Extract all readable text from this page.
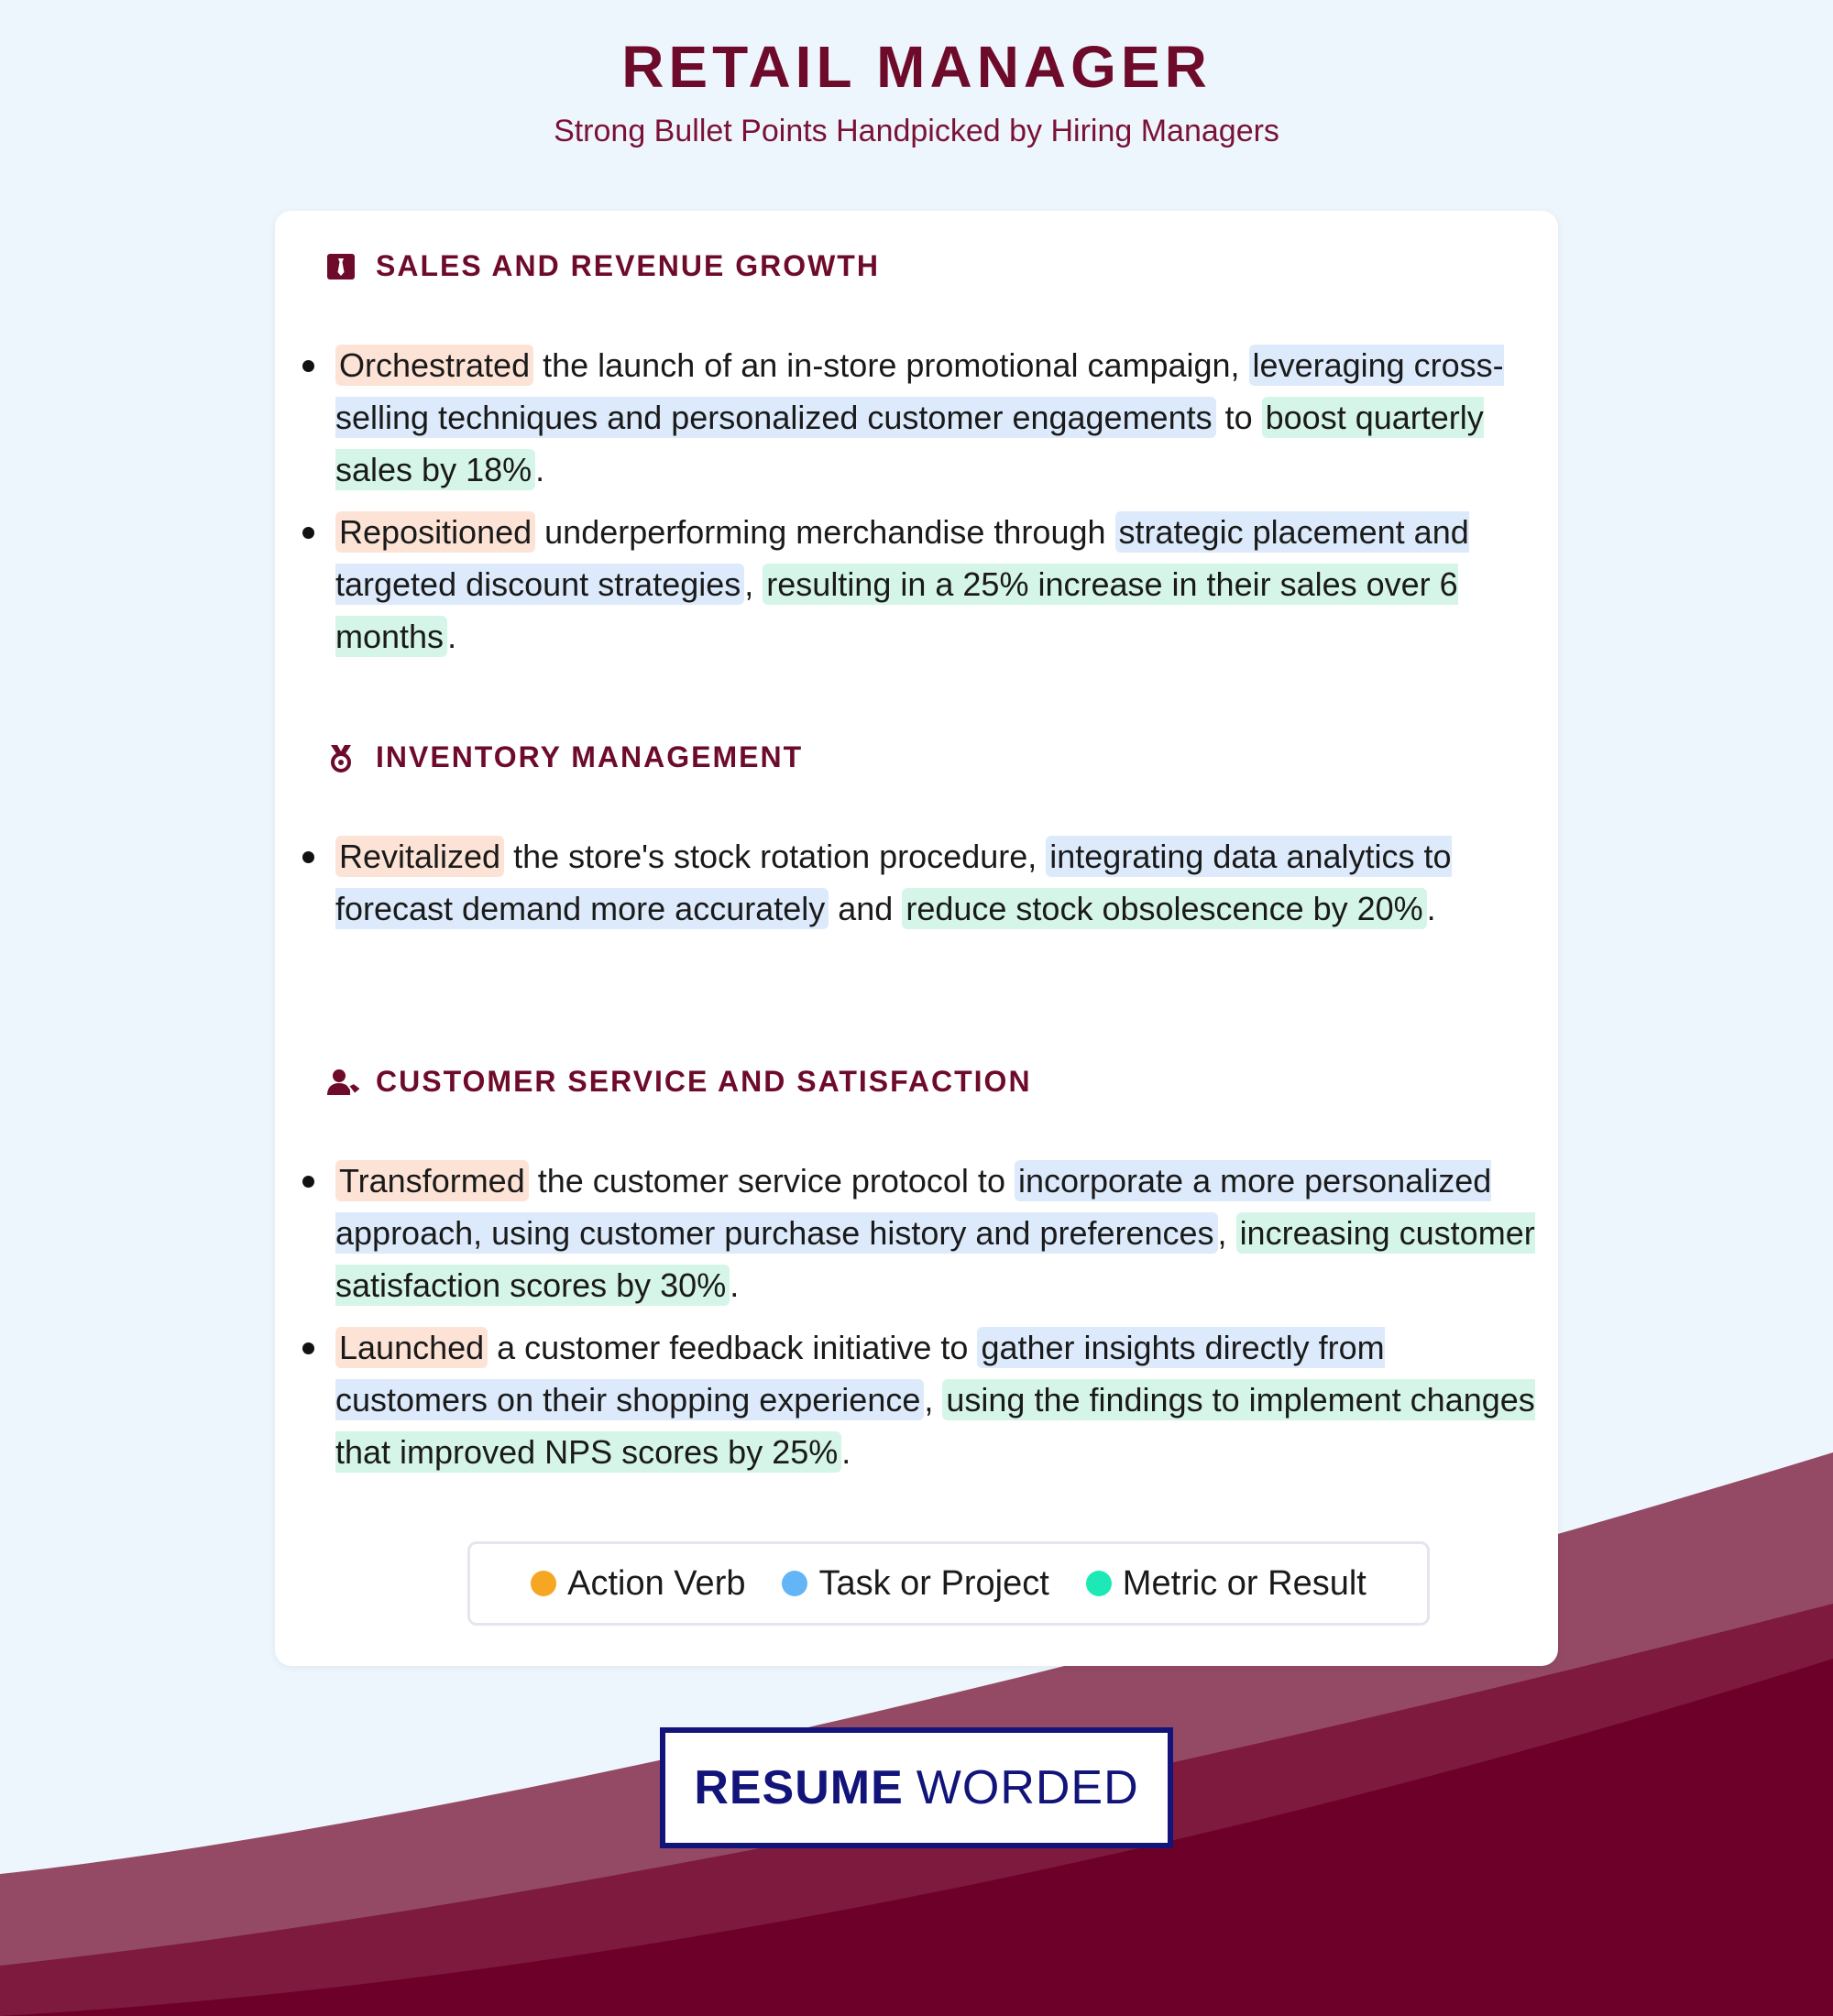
RETAIL MANAGER
Strong Bullet Points Handpicked by Hiring Managers
SALES AND REVENUE GROWTH
Orchestrated the launch of an in-store promotional campaign, leveraging cross-selling techniques and personalized customer engagements to boost quarterly sales by 18% .
Repositioned underperforming merchandise through strategic placement and targeted discount strategies , resulting in a 25% increase in their sales over 6 months .
INVENTORY MANAGEMENT
Revitalized the store's stock rotation procedure, integrating data analytics to forecast demand more accurately and reduce stock obsolescence by 20% .
CUSTOMER SERVICE AND SATISFACTION
Transformed the customer service protocol to incorporate a more personalized approach, using customer purchase history and preferences , increasing customer satisfaction scores by 30% .
Launched a customer feedback initiative to gather insights directly from customers on their shopping experience , using the findings to implement changes that improved NPS scores by 25% .
Action Verb Task or Project Metric or Result
RESUME WORDED
